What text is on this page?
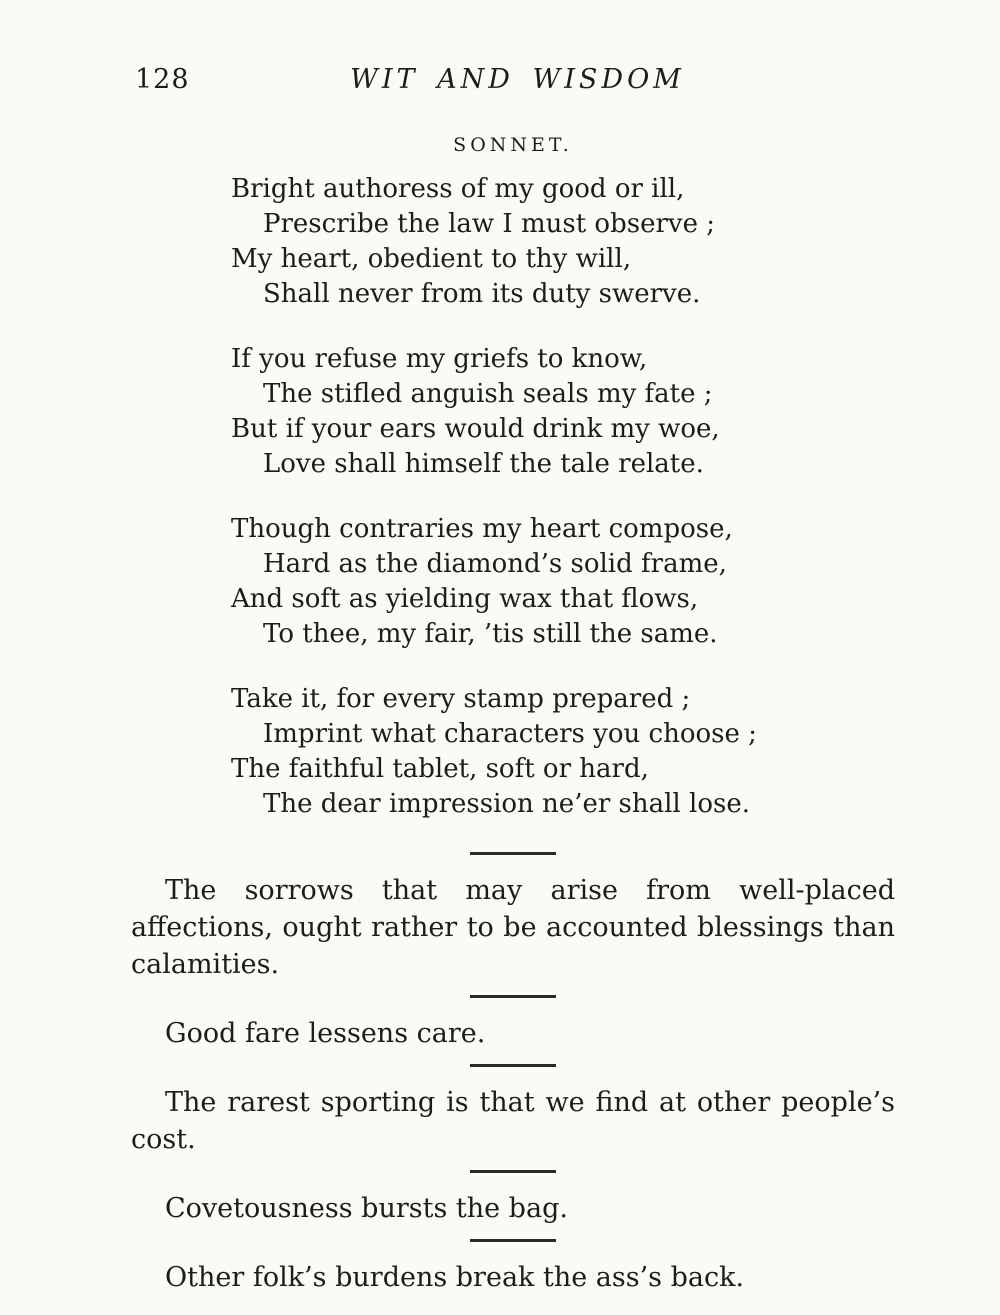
128	WIT AND WISDOM
SONNET.
Bright authoress of my good or ill,
Prescribe the law I must observe ;
My heart, obedient to thy will,
Shall never from its duty swerve.
If you refuse my griefs to know,
The stifled anguish seals my fate ;
But if your ears would drink my woe,
Love shall himself the tale relate.
Though contraries my heart compose,
Hard as the diamond’s solid frame,
And soft as yielding wax that flows,
To thee, my fair, ’tis still the same.
Take it, for every stamp prepared ;
Imprint what characters you choose ;
The faithful tablet, soft or hard,
The dear impression ne’er shall lose.

The sorrows that may arise from well-placed affections, ought rather to be accounted blessings than calamities.

Good fare lessens care.

The rarest sporting is that we find at other people’s cost.

Covetousness bursts the bag.

Other folk’s burdens break the ass’s back.
